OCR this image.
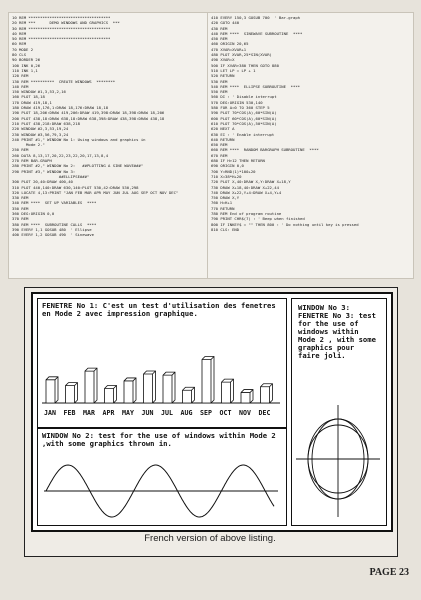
10 REM ***********************************
20 REM ***      DEMO WINDOWS AND GRAPHICS  ***
30 REM ***********************************
40 REM
50 REM ***********************************
60 REM
70 MODE 2
80 CLS
90 BORDER 26
100 INK 0,26
110 INK 1,1
120 REM
130 REM **********  CREATE WINDOWS  ********
140 REM
150 WINDOW #1,3,53,2,16
160 PLOT 18,18
170 DRAW 419,18,1
180 DRAW 419,176,1:DRAW 18,176:DRAW 18,18
190 PLOT 18,206:DRAW 419,206:DRAW 419,398:DRAW 18,398:DRAW 18,206
200 PLOT 438,18:DRAW 638,18:DRAW 638,398:DRAW 438,398:DRAW 438,18
210 PLOT 438,218:DRAW 638,218
220 WINDOW #2,3,53,19,24
230 WINDOW #3,56,79,3,24
240 PRINT #1," WINDOW No 1: Using windows and graphics in
Mode 2."
250 REM
260 DATA 8,13,17,20,22,23,22,20,17,13,8,4
270 REM BAR-GRAPH
280 PRINT #2," WINDOW No 2:   ##PLOTTING A SINE WAVE###"
290 PRINT #3," WINDOW No 3:
##ELLIPSE###"
300 PLOT 20,40:DRAW 400,40
310 PLOT 440,140:DRAW 630,140:PLOT 530,42:DRAW 530,298
320 LOCATE 4,13:PRINT "JAN FEB MAR APR MAY JUN JUL AUG SEP OCT NOV DEC"
330 REM
340 REM ****  SET UP VARIABLES  ****
350 REM
360 DEG:ORIGIN 0,0
370 REM
380 REM ****  SUBROUTINE CALLS  ****
390 EVERY 1,1 GOSUB 480  ' Ellipse
400 EVERY 1,2 GOSUB 490  ' Sinewave
410 EVERY 150,3 GOSUB 700  ' Bar-graph
420 GOTO 440
430 REM
440 REM ****  SINEWAVE SUBROUTINE  ****
450 REM
460 ORIGIN 20,65
470 XVAR=XVAR+1
480 PLOT XVAR,25*SIN(XVAR)
490 XVAR=X
500 IF XVAR>380 THEN GOTO 880
510 LET LP = LP + 1
520 RETURN
530 REM
540 REM ****  ELLIPSE SUBROUTINE  ****
550 REM
560 DI : ' Disable interrupt
570 DEG:ORIGIN 530,140
580 FOR A=0 TO 360 STEP 5
590 PLOT 70*COS(A),60*SIN(A)
600 PLOT 60*COS(A),60*SIN(A)
610 PLOT 70*COS(A),50*SIN(A)
620 NEXT A
630 EI : ' Enable interrupt
640 RETURN
650 REM
660 REM ****  RANDOM BARGRAPH SUBROUTINE  ****
670 REM
680 IF H>12 THEN RETURN
690 ORIGIN 0,0
700 Y=RND(1)*100+20
710 X=38*H+20
720 PLOT X,40:DRAW X,Y:DRAW X+18,Y
730 DRAW X+18,40:DRAW X+22,44
740 DRAW X+22,Y+4:DRAW X+4,Y+4
750 DRAW X,Y
760 H=H+1
770 RETURN
780 REM End of program routine
790 PRINT CHR$(7) : ' Beep when finished
800 IF INKEY$ = "" THEN 800 : ' Do nothing until key is pressed
810 CLS: END
FENETRE No 1: C'est un test d'utilisation des fenetres en Mode 2 avec impression graphique.
JAN FEB MAR APR MAY JUN JUL AUG SEP OCT NOV DEC
WINDOW No 2: test for the use of windows within Mode 2 ,with some graphics thrown in.
WINDOW No 3: FENETRE No 3: test for the use of windows within Mode 2 , with some graphics pour faire joli.
French version of above listing.
PAGE 23
